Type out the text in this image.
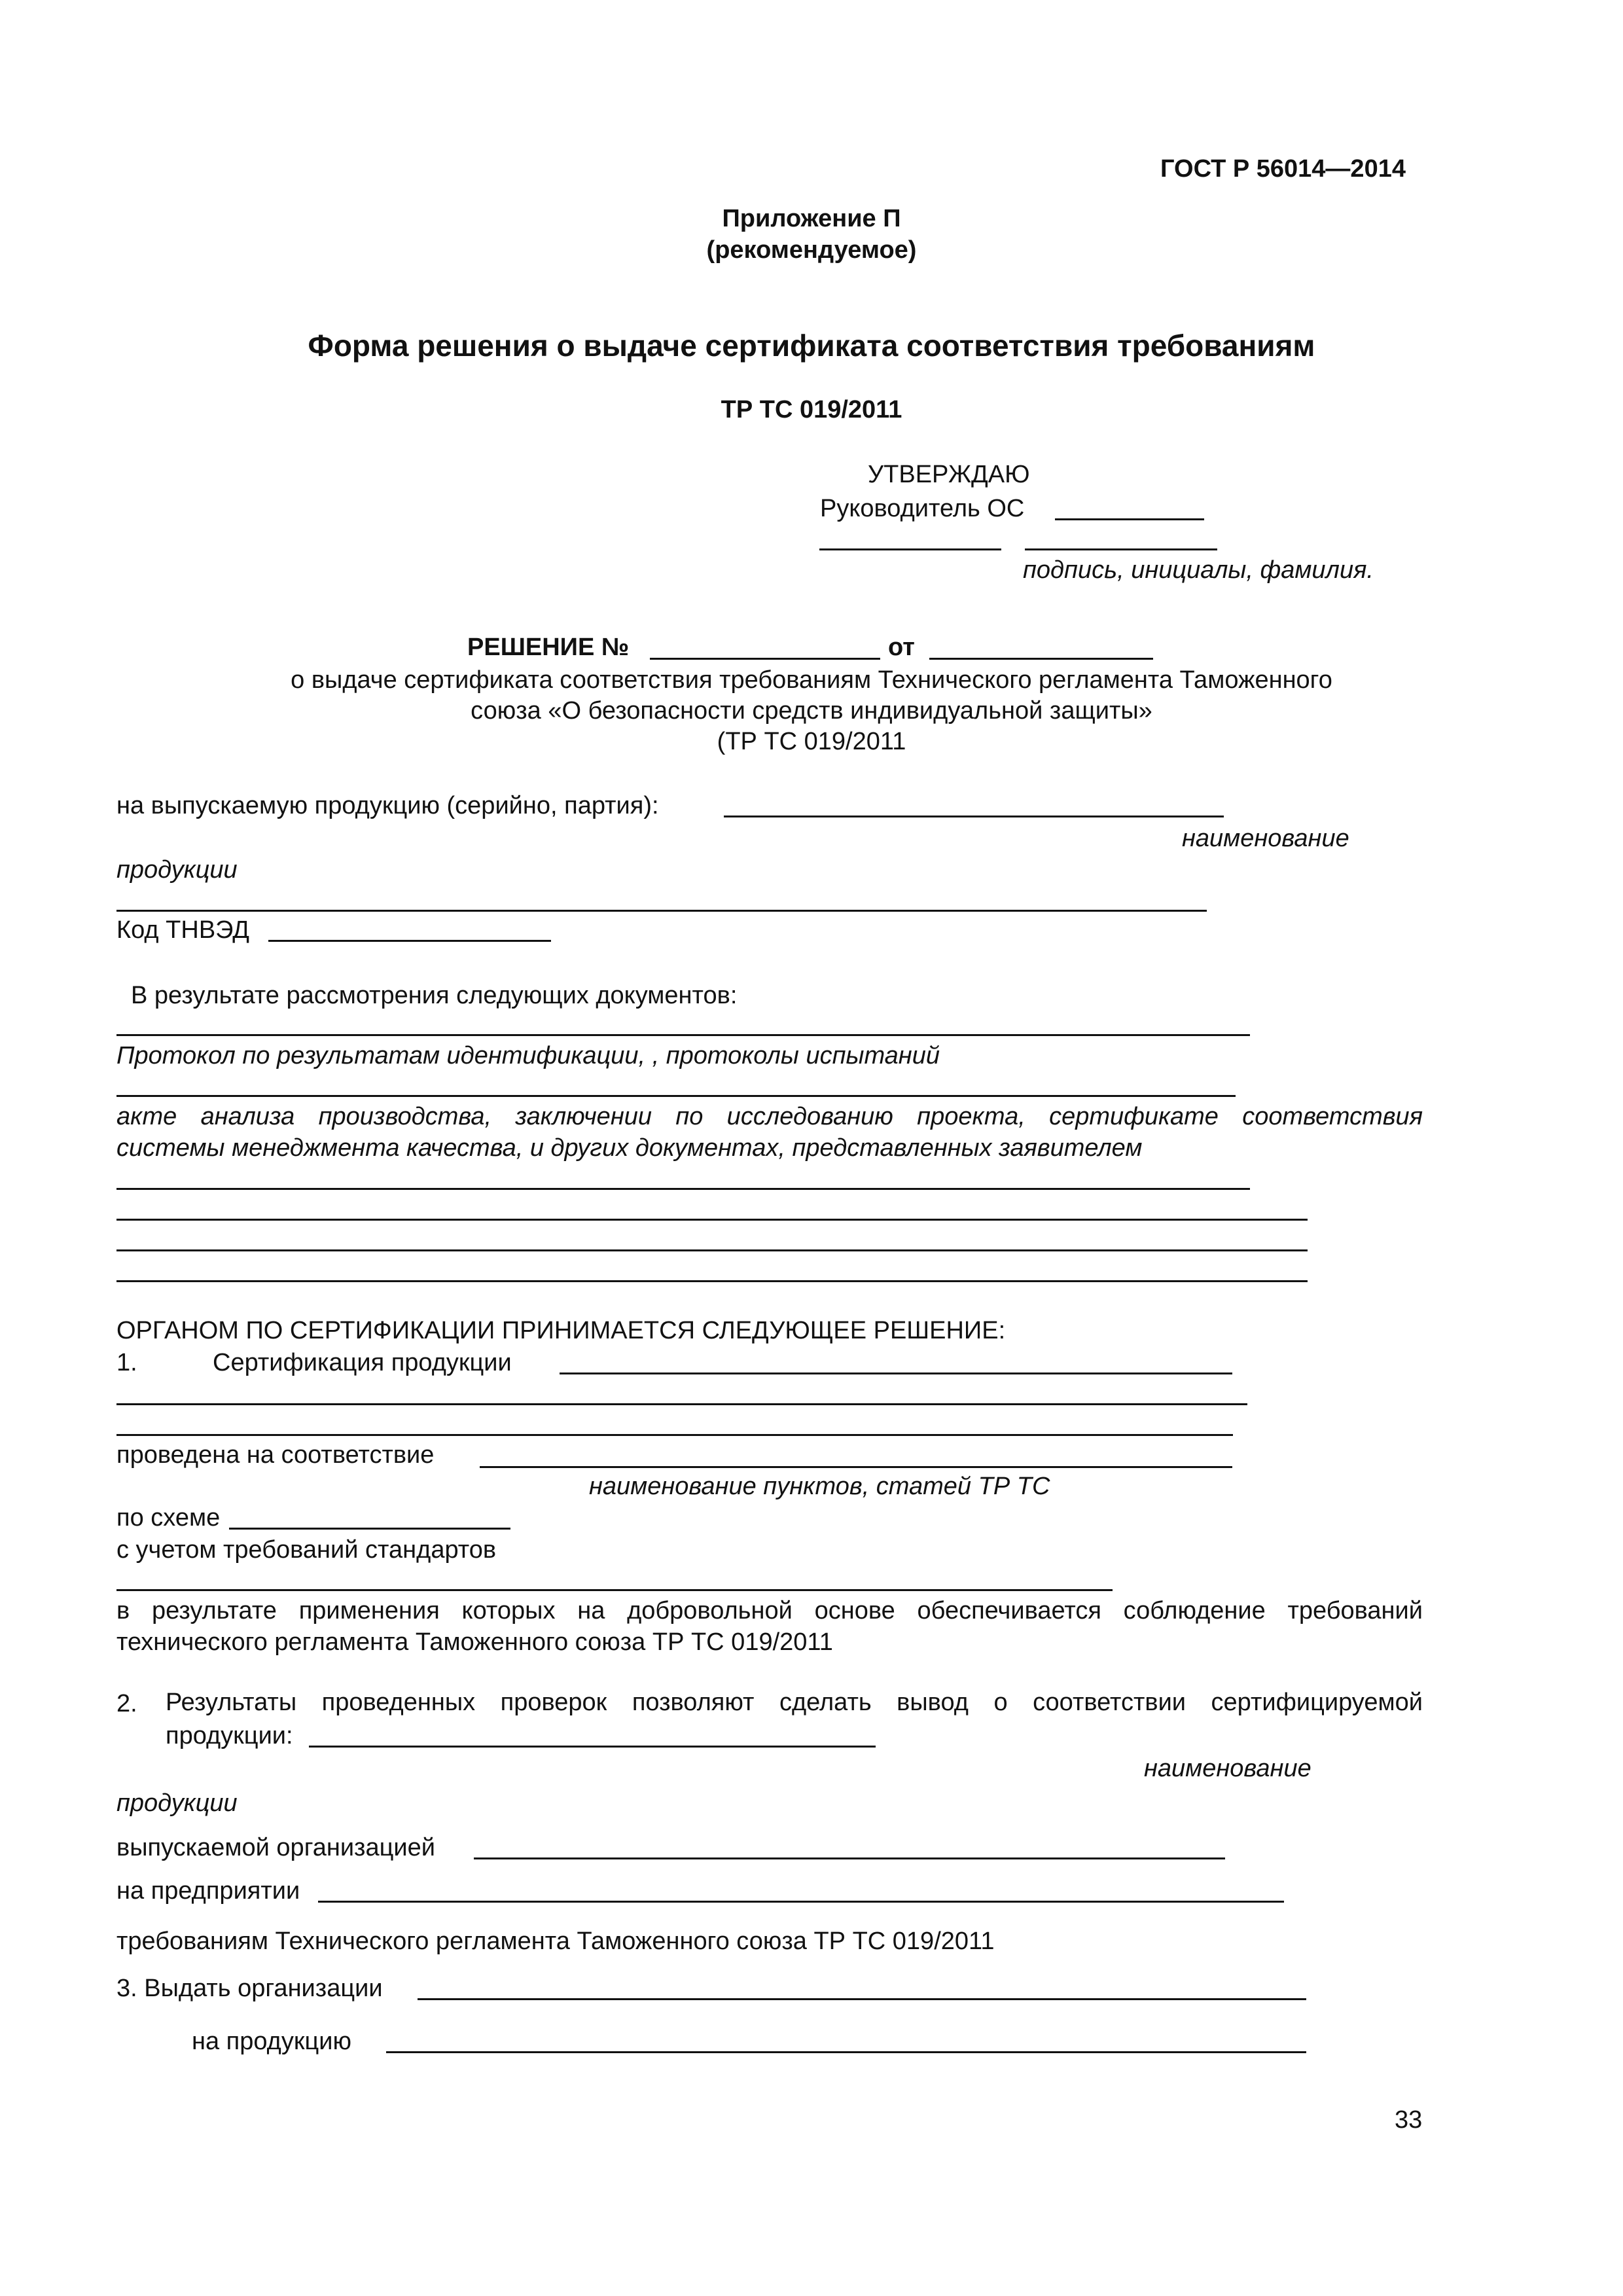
ГОСТ Р 56014—2014
Приложение П
(рекомендуемое)
Форма решения о выдаче сертификата соответствия требованиям
ТР ТС 019/2011
УТВЕРЖДАЮ
Руководитель ОС
подпись, инициалы, фамилия.
РЕШЕНИЕ №	от
о выдаче сертификата соответствия требованиям Технического регламента Таможенного
союза «О безопасности средств индивидуальной защиты»
(ТР ТС 019/2011
на выпускаемую продукцию (серийно, партия):
наименование
продукции
Код ТНВЭД
В результате рассмотрения следующих документов:
Протокол по результатам идентификации, , протоколы испытаний
акте анализа производства, заключении по исследованию проекта, сертификате соответствия
системы менеджмента качества, и других документах, представленных заявителем
ОРГАНОМ ПО СЕРТИФИКАЦИИ ПРИНИМАЕТСЯ СЛЕДУЮЩЕЕ РЕШЕНИЕ:
1.	Сертификация продукции
проведена на соответствие
наименование пунктов, статей ТР ТС
по схеме
с учетом требований стандартов
в результате применения которых на добровольной основе обеспечивается соблюдение требований
технического регламента Таможенного союза ТР ТС 019/2011
2. Результаты проведенных проверок позволяют сделать вывод о соответствии сертифицируемой
продукции:
наименование
продукции
выпускаемой организацией
на предприятии
требованиям Технического регламента Таможенного союза ТР ТС 019/2011
3. Выдать организации
на продукцию
33
